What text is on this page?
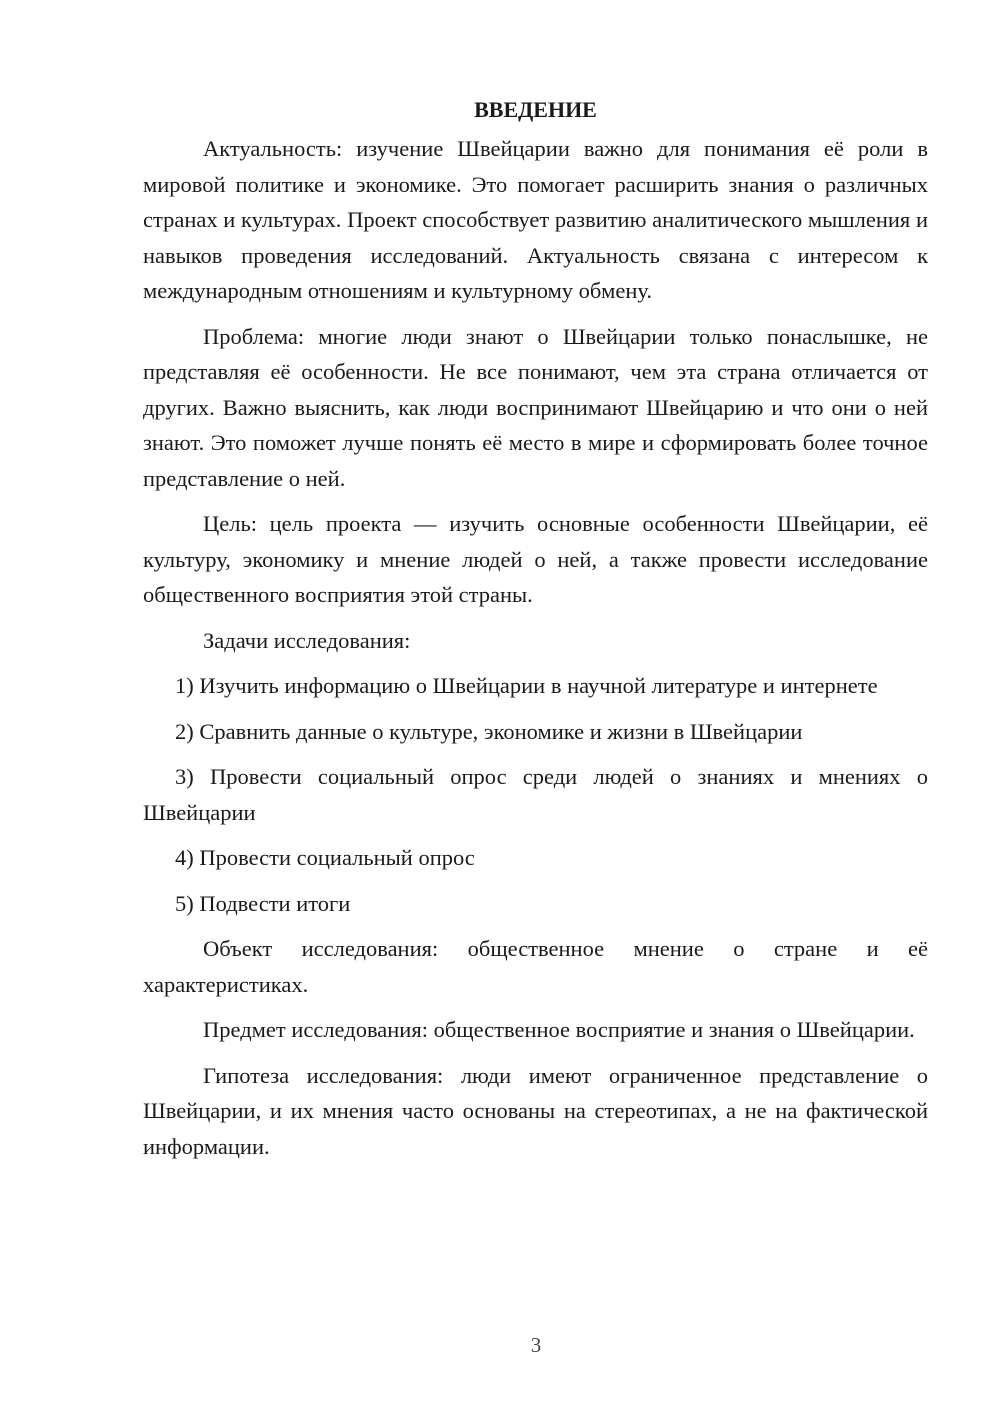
ВВЕДЕНИЕ

Актуальность: изучение Швейцарии важно для понимания её роли в мировой политике и экономике. Это помогает расширить знания о различных странах и культурах. Проект способствует развитию аналитического мышления и навыков проведения исследований. Актуальность связана с интересом к международным отношениям и культурному обмену.

Проблема: многие люди знают о Швейцарии только понаслышке, не представляя её особенности. Не все понимают, чем эта страна отличается от других. Важно выяснить, как люди воспринимают Швейцарию и что они о ней знают. Это поможет лучше понять её место в мире и сформировать более точное представление о ней.

Цель: цель проекта — изучить основные особенности Швейцарии, её культуру, экономику и мнение людей о ней, а также провести исследование общественного восприятия этой страны.

Задачи исследования:

1) Изучить информацию о Швейцарии в научной литературе и интернете

2) Сравнить данные о культуре, экономике и жизни в Швейцарии

3) Провести социальный опрос среди людей о знаниях и мнениях о Швейцарии

4) Провести социальный опрос

5) Подвести итоги

Объект исследования: общественное мнение о стране и её характеристиках.

Предмет исследования: общественное восприятие и знания о Швейцарии.

Гипотеза исследования: люди имеют ограниченное представление о Швейцарии, и их мнения часто основаны на стереотипах, а не на фактической информации.

3
